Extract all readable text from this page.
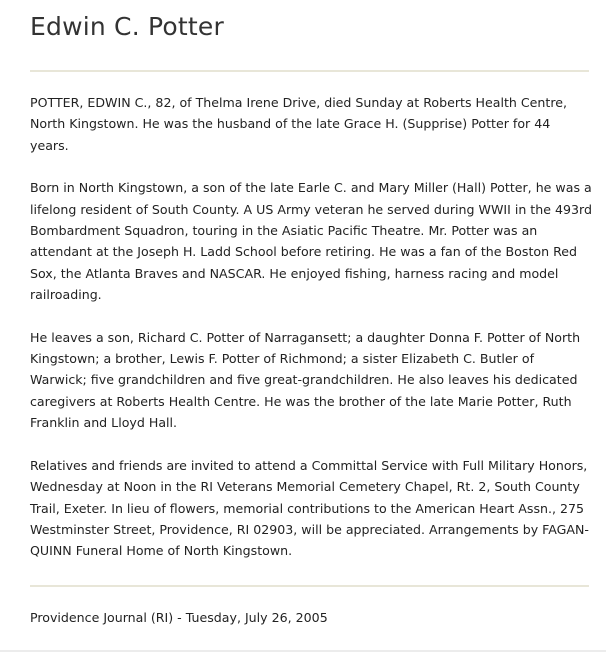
Edwin C. Potter

POTTER, EDWIN C., 82, of Thelma Irene Drive, died Sunday at Roberts Health Centre, North Kingstown. He was the husband of the late Grace H. (Supprise) Potter for 44 years.

Born in North Kingstown, a son of the late Earle C. and Mary Miller (Hall) Potter, he was a lifelong resident of South County. A US Army veteran he served during WWII in the 493rd Bombardment Squadron, touring in the Asiatic Pacific Theatre. Mr. Potter was an attendant at the Joseph H. Ladd School before retiring. He was a fan of the Boston Red Sox, the Atlanta Braves and NASCAR. He enjoyed fishing, harness racing and model railroading.

He leaves a son, Richard C. Potter of Narragansett; a daughter Donna F. Potter of North Kingstown; a brother, Lewis F. Potter of Richmond; a sister Elizabeth C. Butler of Warwick; five grandchildren and five great-grandchildren. He also leaves his dedicated caregivers at Roberts Health Centre. He was the brother of the late Marie Potter, Ruth Franklin and Lloyd Hall.

Relatives and friends are invited to attend a Committal Service with Full Military Honors, Wednesday at Noon in the RI Veterans Memorial Cemetery Chapel, Rt. 2, South County Trail, Exeter. In lieu of flowers, memorial contributions to the American Heart Assn., 275 Westminster Street, Providence, RI 02903, will be appreciated. Arrangements by FAGAN-QUINN Funeral Home of North Kingstown.

Providence Journal (RI) - Tuesday, July 26, 2005
